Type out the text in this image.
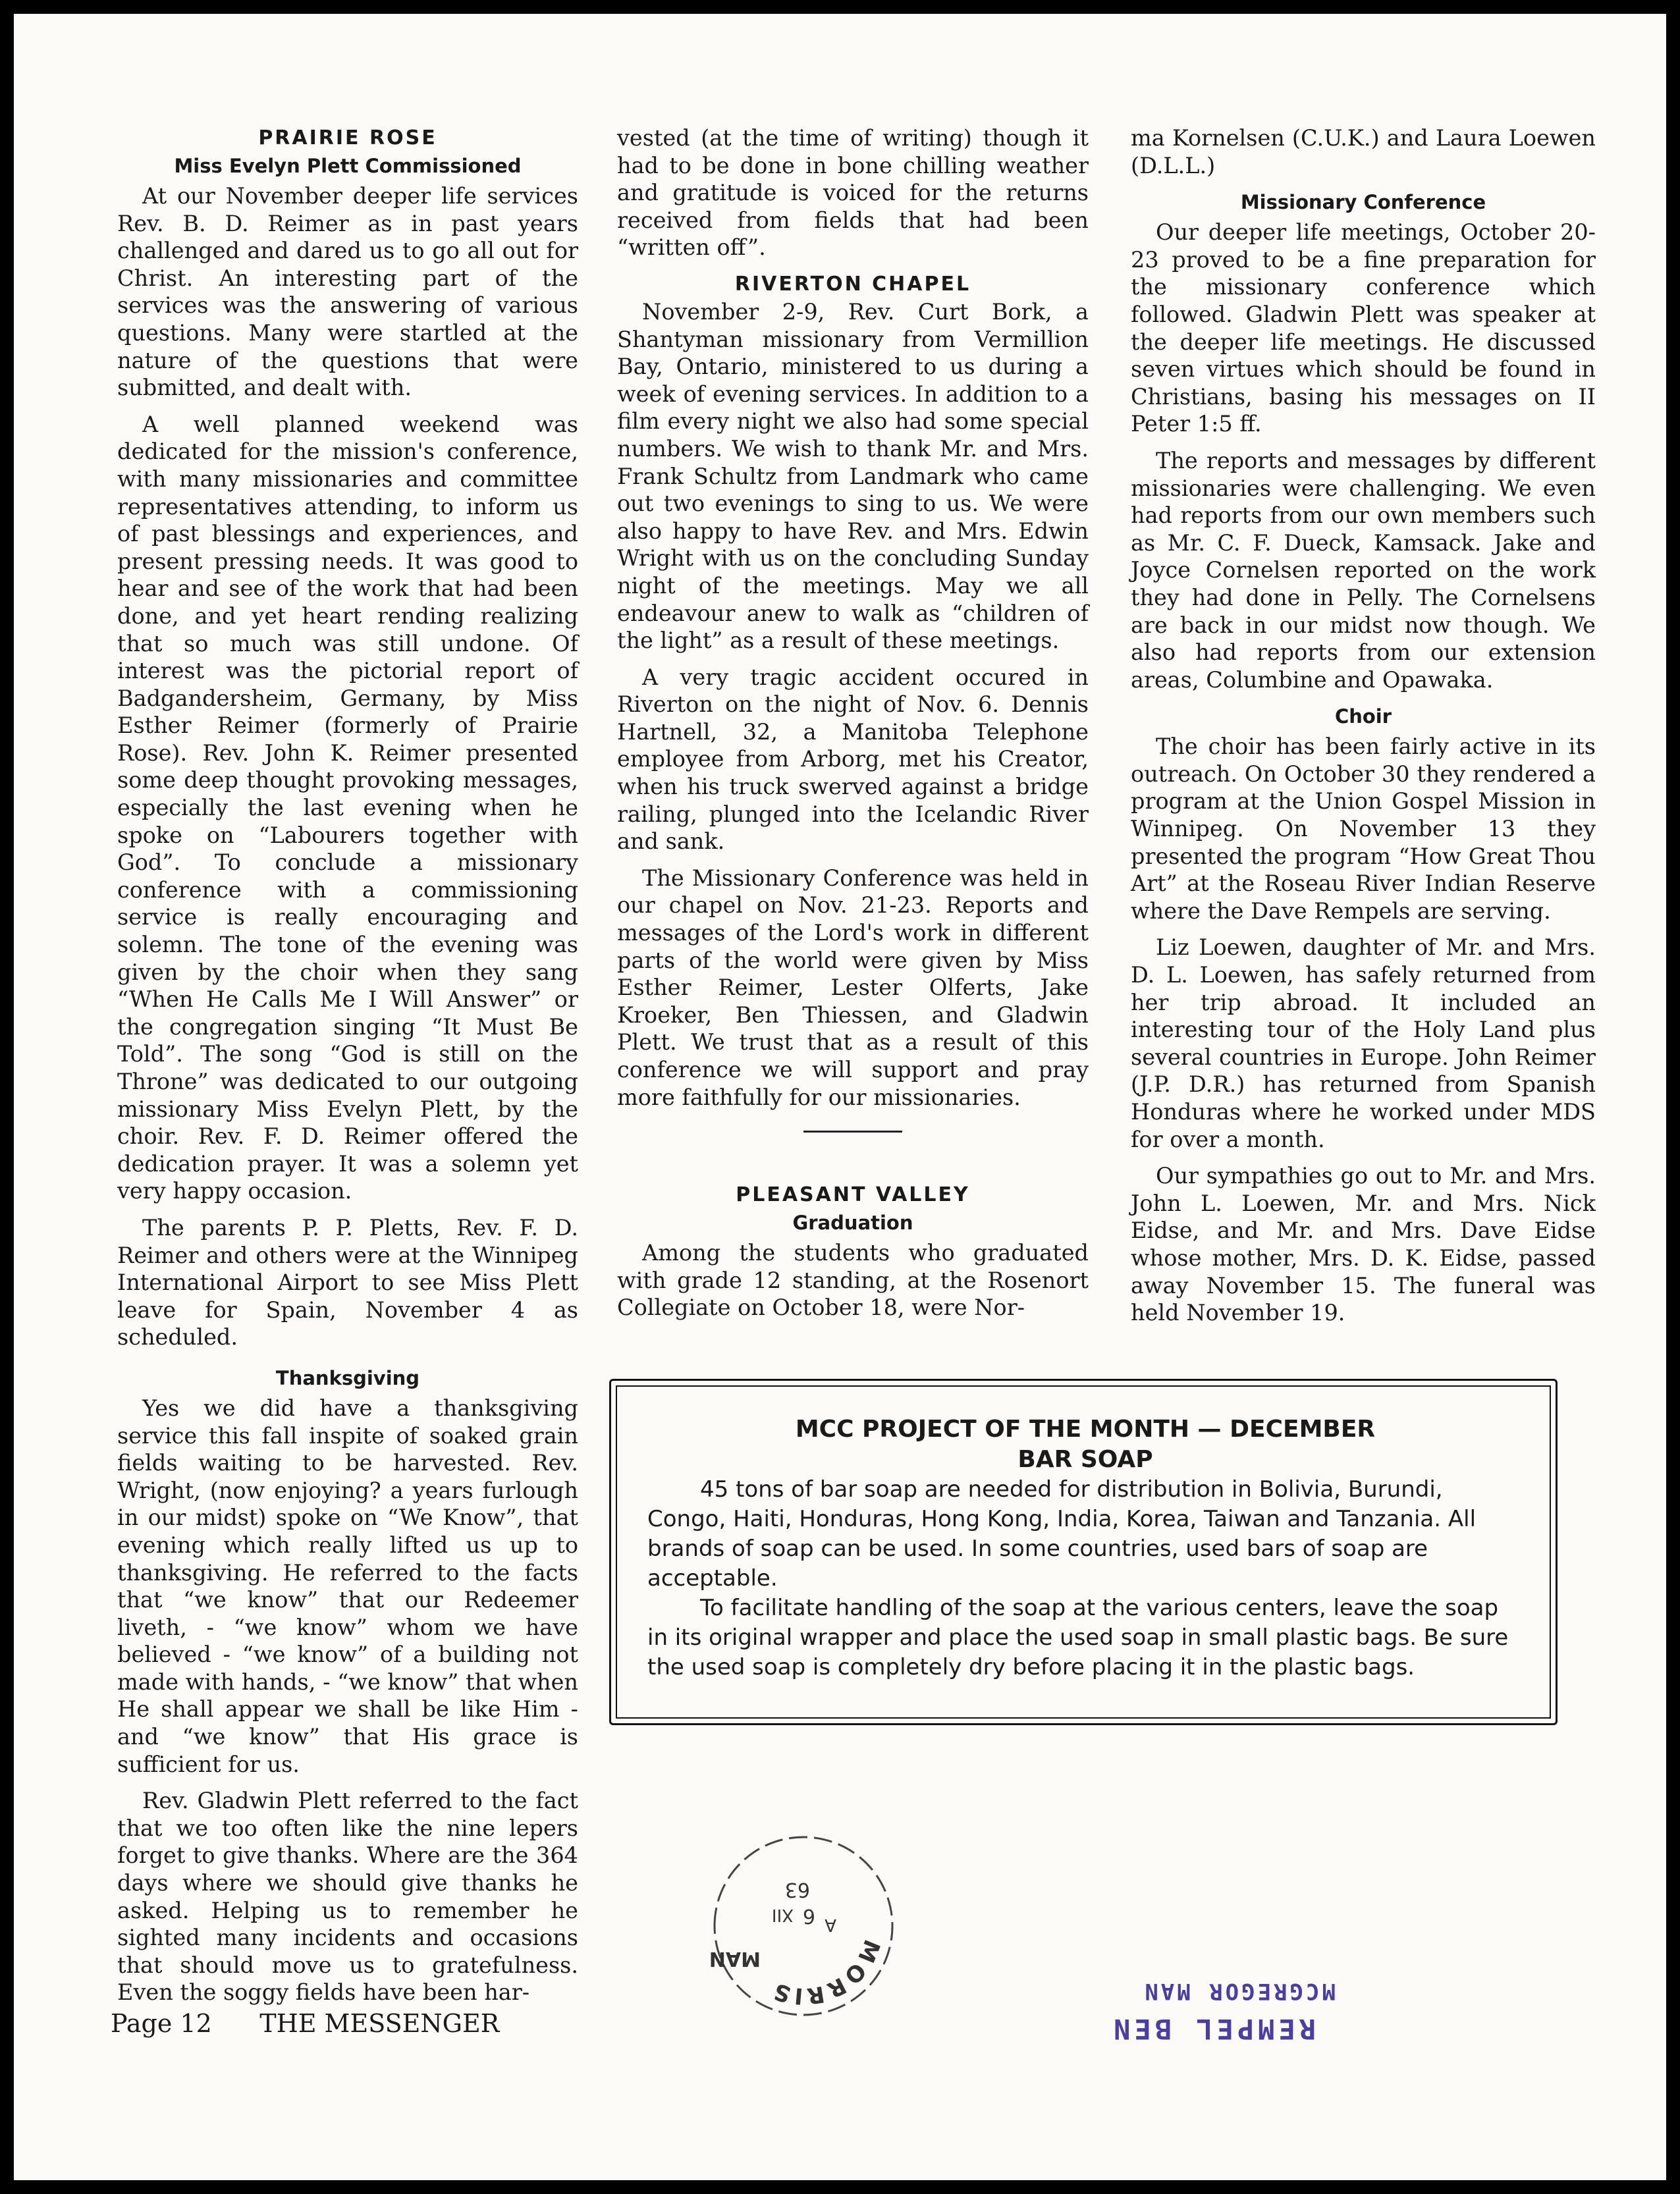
PRAIRIE ROSE
Miss Evelyn Plett Commissioned

At our November deeper life services Rev. B. D. Reimer as in past years challenged and dared us to go all out for Christ. An interesting part of the services was the answering of various questions. Many were startled at the nature of the questions that were submitted, and dealt with.

A well planned weekend was dedicated for the mission's conference, with many missionaries and committee representatives attending, to inform us of past blessings and experiences, and present pressing needs. It was good to hear and see of the work that had been done, and yet heart rending realizing that so much was still undone. Of interest was the pictorial report of Badgandersheim, Germany, by Miss Esther Reimer (formerly of Prairie Rose). Rev. John K. Reimer presented some deep thought provoking messages, especially the last evening when he spoke on “Labourers together with God”. To conclude a missionary conference with a commissioning service is really encouraging and solemn. The tone of the evening was given by the choir when they sang “When He Calls Me I Will Answer” or the congregation singing “It Must Be Told”. The song “God is still on the Throne” was dedicated to our outgoing missionary Miss Evelyn Plett, by the choir. Rev. F. D. Reimer offered the dedication prayer. It was a solemn yet very happy occasion.

The parents P. P. Pletts, Rev. F. D. Reimer and others were at the Winnipeg International Airport to see Miss Plett leave for Spain, November 4 as scheduled.

Thanksgiving

Yes we did have a thanksgiving service this fall inspite of soaked grain fields waiting to be harvested. Rev. Wright, (now enjoying? a years furlough in our midst) spoke on “We Know”, that evening which really lifted us up to thanksgiving. He referred to the facts that “we know” that our Redeemer liveth, - “we know” whom we have believed - “we know” of a building not made with hands, - “we know” that when He shall appear we shall be like Him - and “we know” that His grace is sufficient for us.

Rev. Gladwin Plett referred to the fact that we too often like the nine lepers forget to give thanks. Where are the 364 days where we should give thanks he asked. Helping us to remember he sighted many incidents and occasions that should move us to gratefulness. Even the soggy fields have been har-

vested (at the time of writing) though it had to be done in bone chilling weather and gratitude is voiced for the returns received from fields that had been “written off”.

RIVERTON CHAPEL

November 2-9, Rev. Curt Bork, a Shantyman missionary from Vermillion Bay, Ontario, ministered to us during a week of evening services. In addition to a film every night we also had some special numbers. We wish to thank Mr. and Mrs. Frank Schultz from Landmark who came out two evenings to sing to us. We were also happy to have Rev. and Mrs. Edwin Wright with us on the concluding Sunday night of the meetings. May we all endeavour anew to walk as “children of the light” as a result of these meetings.

A very tragic accident occured in Riverton on the night of Nov. 6. Dennis Hartnell, 32, a Manitoba Telephone employee from Arborg, met his Creator, when his truck swerved against a bridge railing, plunged into the Icelandic River and sank.

The Missionary Conference was held in our chapel on Nov. 21-23. Reports and messages of the Lord's work in different parts of the world were given by Miss Esther Reimer, Lester Olferts, Jake Kroeker, Ben Thiessen, and Gladwin Plett. We trust that as a result of this conference we will support and pray more faithfully for our missionaries.

PLEASANT VALLEY
Graduation

Among the students who graduated with grade 12 standing, at the Rosenort Collegiate on October 18, were Nor-

ma Kornelsen (C.U.K.) and Laura Loewen (D.L.L.)

Missionary Conference

Our deeper life meetings, October 20-23 proved to be a fine preparation for the missionary conference which followed. Gladwin Plett was speaker at the deeper life meetings. He discussed seven virtues which should be found in Christians, basing his messages on II Peter 1:5 ff.

The reports and messages by different missionaries were challenging. We even had reports from our own members such as Mr. C. F. Dueck, Kamsack. Jake and Joyce Cornelsen reported on the work they had done in Pelly. The Cornelsens are back in our midst now though. We also had reports from our extension areas, Columbine and Opawaka.

Choir

The choir has been fairly active in its outreach. On October 30 they rendered a program at the Union Gospel Mission in Winnipeg. On November 13 they presented the program “How Great Thou Art” at the Roseau River Indian Reserve where the Dave Rempels are serving.

Liz Loewen, daughter of Mr. and Mrs. D. L. Loewen, has safely returned from her trip abroad. It included an interesting tour of the Holy Land plus several countries in Europe. John Reimer (J.P. D.R.) has returned from Spanish Honduras where he worked under MDS for over a month.

Our sympathies go out to Mr. and Mrs. John L. Loewen, Mr. and Mrs. Nick Eidse, and Mr. and Mrs. Dave Eidse whose mother, Mrs. D. K. Eidse, passed away November 15. The funeral was held November 19.

MCC PROJECT OF THE MONTH — DECEMBER
BAR SOAP

45 tons of bar soap are needed for distribution in Bolivia, Burundi, Congo, Haiti, Honduras, Hong Kong, India, Korea, Taiwan and Tanzania. All brands of soap can be used. In some countries, used bars of soap are acceptable.

To facilitate handling of the soap at the various centers, leave the soap in its original wrapper and place the used soap in small plastic bags. Be sure the used soap is completely dry before placing it in the plastic bags.

MORRIS
MAN
6
XII
63
A
REMPEL BEN
MCGREGOR MAN
Page 12 THE MESSENGER
